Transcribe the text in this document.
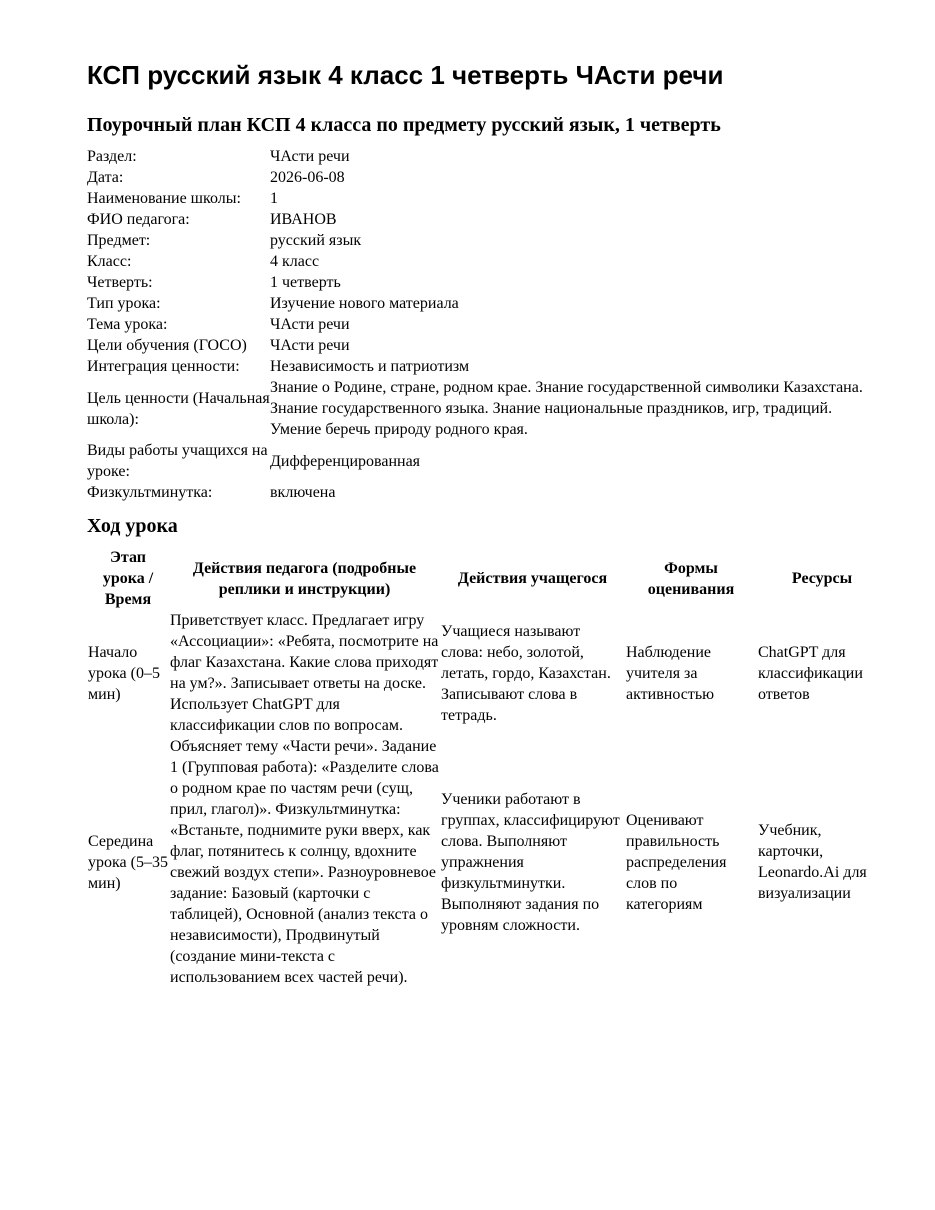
КСП русский язык 4 класс 1 четверть ЧАсти речи
Поурочный план КСП 4 класса по предмету русский язык, 1 четверть
Раздел:	ЧАсти речи
Дата:	2026-06-08
Наименование школы:	1
ФИО педагога:	ИВАНОВ
Предмет:	русский язык
Класс:	4 класс
Четверть:	1 четверть
Тип урока:	Изучение нового материала
Тема урока:	ЧАсти речи
Цели обучения (ГОСО)	ЧАсти речи
Интеграция ценности:	Независимость и патриотизм
Цель ценности (Начальная школа):	Знание о Родине, стране, родном крае. Знание государственной символики Казахстана. Знание государственного языка. Знание национальные праздников, игр, традиций. Умение беречь природу родного края.
Виды работы учащихся на уроке:	Дифференцированная
Физкультминутка:	включена
Ход урока
Этап урока / Время	Действия педагога (подробные реплики и инструкции)	Действия учащегося	Формы оценивания	Ресурсы
Начало урока (0–5 мин)	Приветствует класс. Предлагает игру «Ассоциации»: «Ребята, посмотрите на флаг Казахстана. Какие слова приходят на ум?». Записывает ответы на доске. Использует ChatGPT для классификации слов по вопросам.	Учащиеся называют слова: небо, золотой, летать, гордо, Казахстан. Записывают слова в тетрадь.	Наблюдение учителя за активностью	ChatGPT для классификации ответов
Середина урока (5–35 мин)	Объясняет тему «Части речи». Задание 1 (Групповая работа): «Разделите слова о родном крае по частям речи (сущ, прил, глагол)». Физкультминутка: «Встаньте, поднимите руки вверх, как флаг, потянитесь к солнцу, вдохните свежий воздух степи». Разноуровневое задание: Базовый (карточки с таблицей), Основной (анализ текста о независимости), Продвинутый (создание мини-текста с использованием всех частей речи).	Ученики работают в группах, классифицируют слова. Выполняют упражнения физкультминутки. Выполняют задания по уровням сложности.	Оценивают правильность распределения слов по категориям	Учебник, карточки, Leonardo.Ai для визуализации
